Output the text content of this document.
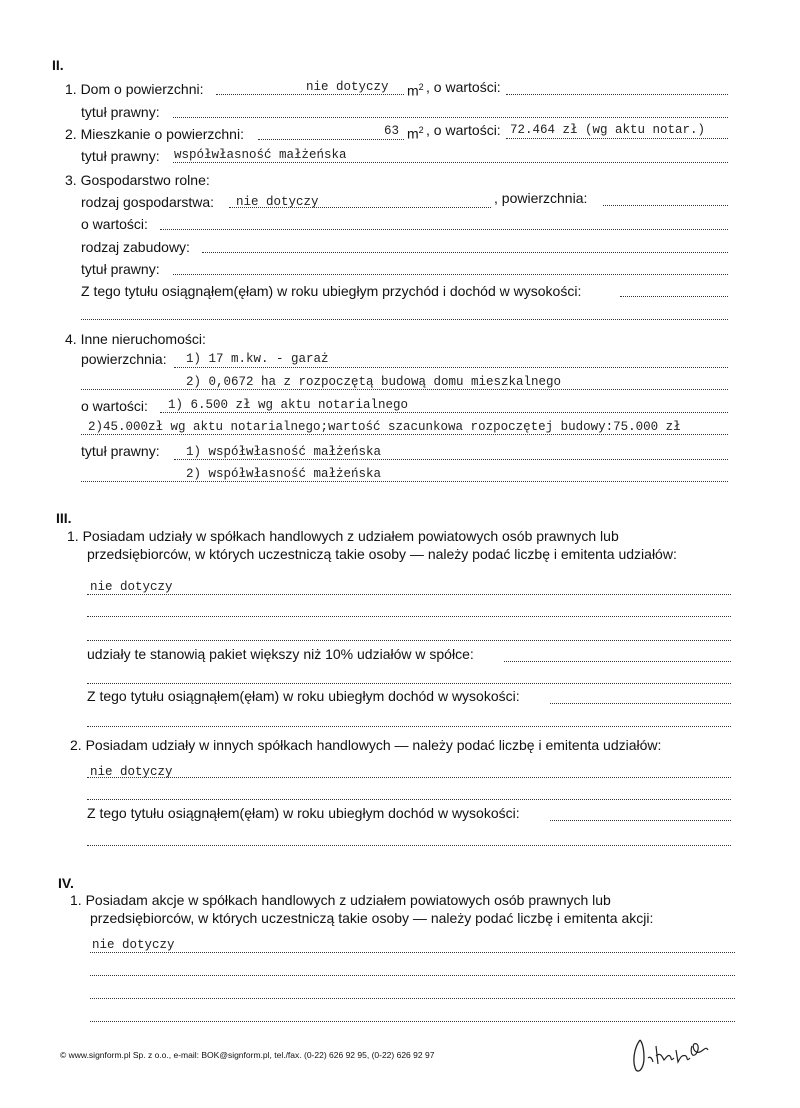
II.
1. Dom o powierzchni:	nie dotyczy $m^2$ , o wartości:
tytuł prawny:
2. Mieszkanie o powierzchni:	63 $m^2$ , o wartości: 72.464 zł (wg aktu notar.)
tytuł prawny: współwłasność małżeńska
3. Gospodarstwo rolne:
rodzaj gospodarstwa: nie dotyczy	, powierzchnia:
o wartości:
rodzaj zabudowy:
tytuł prawny:
Z tego tytułu osiągnąłem(ęłam) w roku ubiegłym przychód i dochód w wysokości:
4. Inne nieruchomości:
powierzchnia: 1) 17 m.kw. - garaż
2) 0,0672 ha z rozpoczętą budową domu mieszkalnego
o wartości: 1) 6.500 zł wg aktu notarialnego
2)45.000zł wg aktu notarialnego;wartość szacunkowa rozpoczętej budowy:75.000 zł
tytuł prawny: 1) współwłasność małżeńska
2) współwłasność małżeńska
III.
1. Posiadam udziały w spółkach handlowych z udziałem powiatowych osób prawnych lub
przedsiębiorców, w których uczestniczą takie osoby — należy podać liczbę i emitenta udziałów:
nie dotyczy
udziały te stanowią pakiet większy niż 10% udziałów w spółce:
Z tego tytułu osiągnąłem(ęłam) w roku ubiegłym dochód w wysokości:
2. Posiadam udziały w innych spółkach handlowych — należy podać liczbę i emitenta udziałów:
nie dotyczy
Z tego tytułu osiągnąłem(ęłam) w roku ubiegłym dochód w wysokości:
IV.
1. Posiadam akcje w spółkach handlowych z udziałem powiatowych osób prawnych lub
przedsiębiorców, w których uczestniczą takie osoby — należy podać liczbę i emitenta akcji:
nie dotyczy
© www.signform.pl Sp. z o.o., e-mail: BOK@signform.pl, tel./fax. (0-22) 626 92 95, (0-22) 626 92 97
